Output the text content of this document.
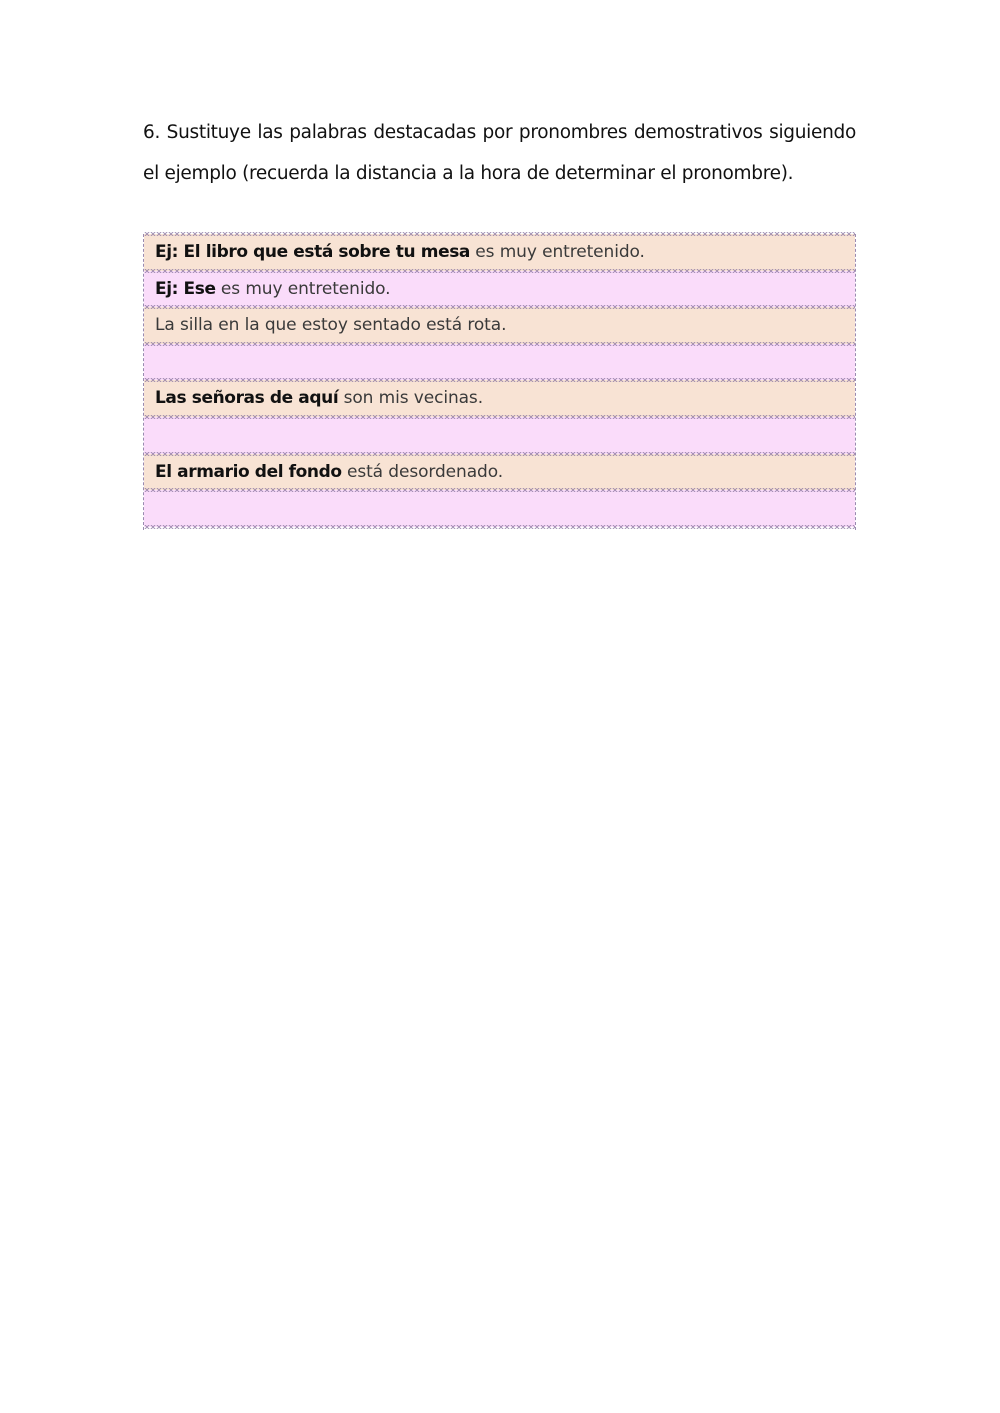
6. Sustituye las palabras destacadas por pronombres demostrativos siguiendo el ejemplo (recuerda la distancia a la hora de determinar el pronombre).

Ej: El libro que está sobre tu mesa es muy entretenido.
Ej: Ese es muy entretenido.
La silla en la que estoy sentado está rota.
Las señoras de aquí son mis vecinas.
El armario del fondo está desordenado.
